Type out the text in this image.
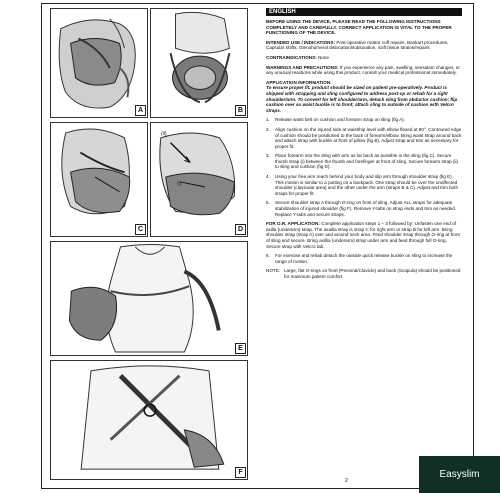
A	B
C
(ii)
(i)
D
E
F
ENGLISH

BEFORE USING THE DEVICE, PLEASE READ THE FOLLOWING INSTRUCTIONS COMPLETELY AND CAREFULLY. CORRECT APPLICATION IS VITAL TO THE PROPER FUNCTIONING OF THE DEVICE.

INTENDED USE / INDICATIONS: Post-operative rotator cuff repairs, Bankart procedures, Capsular shifts, Glenohumeral dislocation/subluxation, Soft tissue strains/repairs.

CONTRAINDICATIONS: None

WARNINGS AND PRECAUTIONS: If you experience any pain, swelling, sensation changes, or any unusual reactions while using this product, consult your medical professional immediately.

APPLICATION INFORMATION:

To ensure proper fit, product should be sized on patient pre-operatively. Product is shipped with strapping and sling configured to address post-op or rehab for a right shoulder/arm. To convert for left shoulder/arm, detach sling from abductor cushion; flip cushion over so waist buckle is to front; attach sling to outside of cushion with Velcro straps.

1.	Release waist belt on cushion and forearm strap on sling (fig A).
2.	Align cushion on the injured side at waist/hip level with elbow flexed at 90°. Contoured edge of cushion should be positioned to the back of forearm/elbow. Bring waist strap around back and attach strap with buckle at front of pillow (fig B). Adjust strap and trim as necessary for proper fit.
3.	Place forearm into the sling with arm as far back as possible in the sling (fig C). Secure thumb strap (i) between the thumb and forefinger at front of sling. Secure forearm strap (ii) to sling and cushion (fig D).
4.	Using your free arm reach behind your body and slip arm through shoulder strap (fig E). This motion is similar to a putting on a backpack. One strap should be over the unaffected shoulder (clavicular area) and the other under the arm (straps B & C). Adjust and trim both straps for proper fit.
5.	Secure shoulder strap A through O-ring on front of sling. Adjust ALL straps for adequate stabilization of injured shoulder (fig F). Remove Y-tabs on strap ends and trim as needed. Replace Y-tabs and secure straps.

FOR O.R. APPLICATION: Complete application steps 1 – 3 followed by: Unfasten one end of axilla (underarm) strap. The axailla strap is strap C for right arm or strap B for left arm. Bring shoulder strap (strap A) over and around neck area. Feed shoulder strap through O-ring at front of sling and secure. Bring axillia (underarm) strap under arm and feed through full O-ring. Secure strap with Velcro tab.

6.	For exercise and rehab detach the outside quick release buckle on sling to increase the range of motion.
NOTE: Large, flat O-rings on front (Pectoral/Clavicle) and back (Scapula) should be positioned for maximum patient comfort.
2
Easyslim
